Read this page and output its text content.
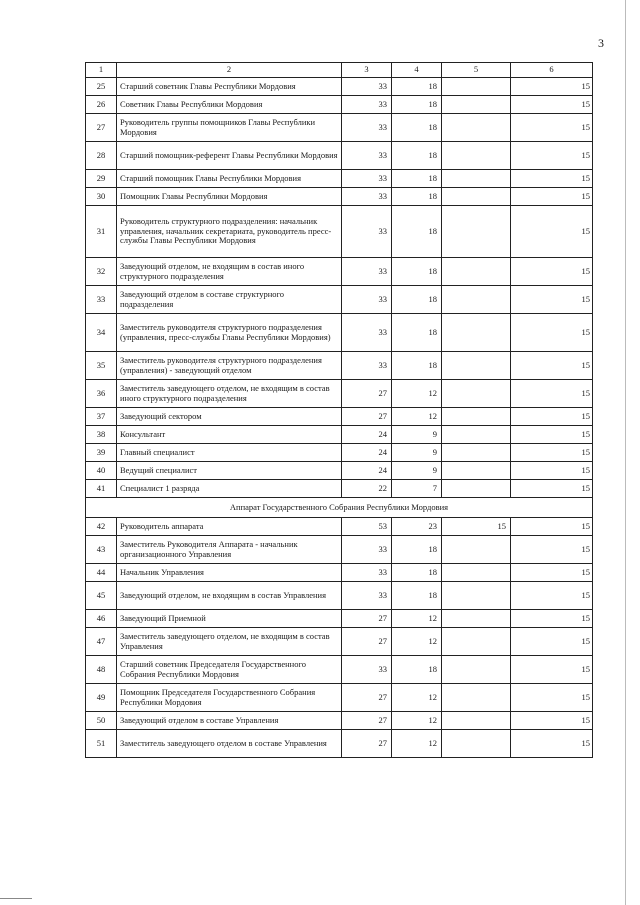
3
1	2	3	4	5	6
25	Старший советник Главы Республики Мордовия	33	18		15
26	Советник Главы Республики Мордовия	33	18		15
27	Руководитель группы помощников Главы Республики Мордовия	33	18		15
28	Старший помощник-референт Главы Республики Мордовия	33	18		15
29	Старший помощник Главы Республики Мордовия	33	18		15
30	Помощник Главы Республики Мордовия	33	18		15
31	Руководитель структурного подразделения: начальник управления, начальник секретариата, руководитель пресс-службы Главы Республики Мордовия	33	18		15
32	Заведующий отделом, не входящим в состав иного структурного подразделения	33	18		15
33	Заведующий отделом в составе структурного подразделения	33	18		15
34	Заместитель руководителя структурного подразделения (управления, пресс-службы Главы Республики Мордовия)	33	18		15
35	Заместитель руководителя структурного подразделения (управления) - заведующий отделом	33	18		15
36	Заместитель заведующего отделом, не входящим в состав иного структурного подразделения	27	12		15
37	Заведующий сектором	27	12		15
38	Консультант	24	9		15
39	Главный специалист	24	9		15
40	Ведущий специалист	24	9		15
41	Специалист 1 разряда	22	7		15
Аппарат Государственного Собрания Республики Мордовия					
42	Руководитель аппарата	53	23	15	15
43	Заместитель Руководителя Аппарата - начальник организационного Управления	33	18		15
44	Начальник Управления	33	18		15
45	Заведующий отделом, не входящим в состав Управления	33	18		15
46	Заведующий Приемной	27	12		15
47	Заместитель заведующего отделом, не входящим в состав Управления	27	12		15
48	Старший советник Председателя Государственного Собрания Республики Мордовия	33	18		15
49	Помощник Председателя Государственного Собрания Республики Мордовия	27	12		15
50	Заведующий отделом в составе Управления	27	12		15
51	Заместитель заведующего отделом в составе Управления	27	12		15
